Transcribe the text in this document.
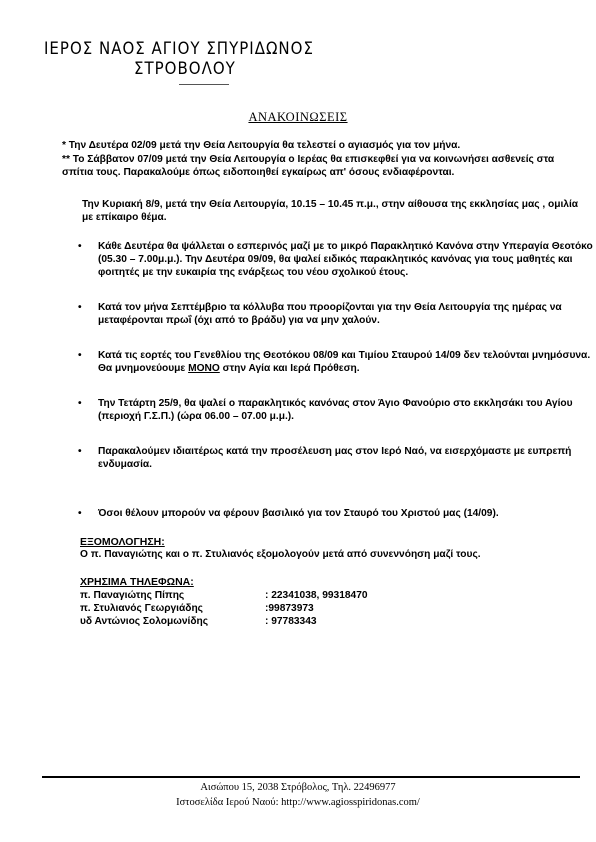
ΙΕΡΟΣ ΝΑΟΣ ΑΓΙΟΥ ΣΠΥΡΙΔΩΝΟΣ
ΣΤΡΟΒΟΛΟΥ
ΑΝΑΚΟΙΝΩΣΕΙΣ
* Την Δευτέρα 02/09 μετά την Θεία Λειτουργία θα τελεστεί ο αγιασμός για τον μήνα.
** Το Σάββατον 07/09 μετά την Θεία Λειτουργία ο Ιερέας θα επισκεφθεί για να κοινωνήσει ασθενείς στα σπίτια τους. Παρακαλούμε όπως ειδοποιηθεί εγκαίρως απ' όσους ενδιαφέρονται.
Την Κυριακή 8/9, μετά την Θεία Λειτουργία, 10.15 – 10.45 π.μ., στην αίθουσα της εκκλησίας μας , ομιλία με επίκαιρο θέμα.
• Κάθε Δευτέρα θα ψάλλεται ο εσπερινός μαζί με το μικρό Παρακλητικό Κανόνα στην Υπεραγία Θεοτόκο (05.30 – 7.00μ.μ.). Την Δευτέρα 09/09, θα ψαλεί ειδικός παρακλητικός κανόνας για τους μαθητές και φοιτητές με την ευκαιρία της ενάρξεως του νέου σχολικού έτους.
• Κατά τον μήνα Σεπτέμβριο τα κόλλυβα που προορίζονται για την Θεία Λειτουργία της ημέρας να μεταφέρονται πρωΐ (όχι από το βράδυ) για να μην χαλούν.
• Κατά τις εορτές του Γενεθλίου της Θεοτόκου 08/09 και Τιμίου Σταυρού 14/09 δεν τελούνται μνημόσυνα. Θα μνημονεύουμε ΜΟΝΟ στην Αγία και Ιερά Πρόθεση.
• Την Τετάρτη 25/9, θα ψαλεί ο παρακλητικός κανόνας στον Άγιο Φανούριο στο εκκλησάκι του Αγίου (περιοχή Γ.Σ.Π.) (ώρα 06.00 – 07.00 μ.μ.).
• Παρακαλούμεν ιδιαιτέρως κατά την προσέλευση μας στον Ιερό Ναό, να εισερχόμαστε με ευπρεπή ενδυμασία.
• Όσοι θέλουν μπορούν να φέρουν βασιλικό για τον Σταυρό του Χριστού μας (14/09).
ΕΞΟΜΟΛΟΓΗΣΗ:
Ο π. Παναγιώτης και ο π. Στυλιανός εξομολογούν μετά από συνεννόηση μαζί τους.
ΧΡΗΣΙΜΑ ΤΗΛΕΦΩΝΑ:
π. Παναγιώτης Πίπης	: 22341038, 99318470
π. Στυλιανός Γεωργιάδης	:99873973
υδ Αντώνιος Σολομωνίδης	: 97783343
Αισώπου 15, 2038 Στρόβολος, Τηλ. 22496977
Ιστοσελίδα Ιερού Ναού: http://www.agiosspiridonas.com/
